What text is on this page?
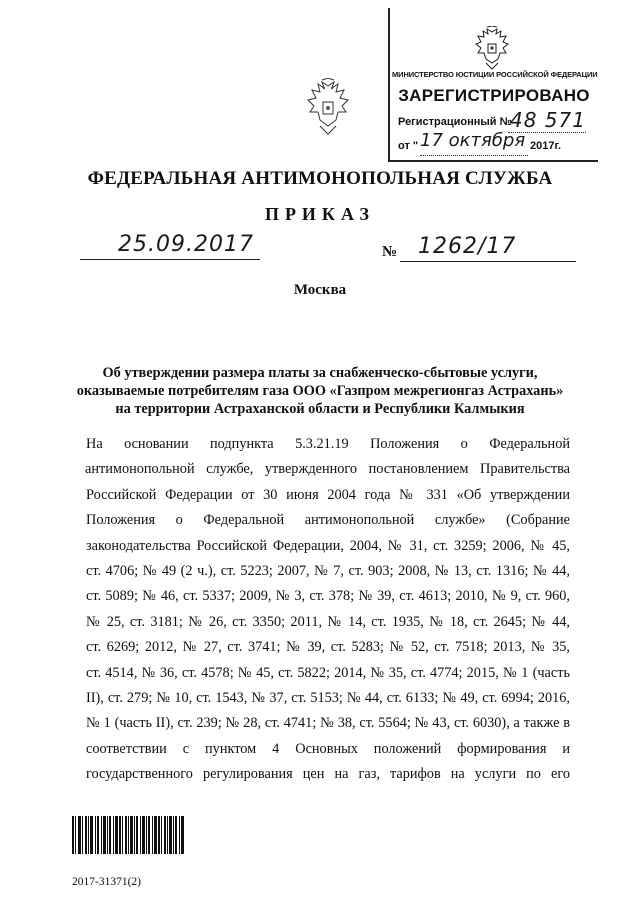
МИНИСТЕРСТВО ЮСТИЦИИ РОССИЙСКОЙ ФЕДЕРАЦИИ
ЗАРЕГИСТРИРОВАНО
Регистрационный №
48 571
от " 17 октября 2017г.
ФЕДЕРАЛЬНАЯ АНТИМОНОПОЛЬНАЯ СЛУЖБА
ПРИКАЗ
25.09.2017	№ 1262/17
Москва
Об утверждении размера платы за снабженческо-сбытовые услуги,
оказываемые потребителям газа ООО «Газпром межрегионгаз Астрахань»
на территории Астраханской области и Республики Калмыкия

На основании подпункта 5.3.21.19 Положения о Федеральной

антимонопольной службе, утвержденного постановлением Правительства

Российской Федерации от 30 июня 2004 года № 331 «Об утверждении

Положения о Федеральной антимонопольной службе» (Собрание

законодательства Российской Федерации, 2004, № 31, ст. 3259; 2006, № 45,

ст. 4706; № 49 (2 ч.), ст. 5223; 2007, № 7, ст. 903; 2008, № 13, ст. 1316; № 44,

ст. 5089; № 46, ст. 5337; 2009, № 3, ст. 378; № 39, ст. 4613; 2010, № 9, ст. 960,

№ 25, ст. 3181; № 26, ст. 3350; 2011, № 14, ст. 1935, № 18, ст. 2645; № 44,

ст. 6269; 2012, № 27, ст. 3741; № 39, ст. 5283; № 52, ст. 7518; 2013, № 35,

ст. 4514, № 36, ст. 4578; № 45, ст. 5822; 2014, № 35, ст. 4774; 2015, № 1 (часть

II), ст. 279; № 10, ст. 1543, № 37, ст. 5153; № 44, ст. 6133; № 49, ст. 6994; 2016,

№ 1 (часть II), ст. 239; № 28, ст. 4741; № 38, ст. 5564; № 43, ст. 6030), а также в

соответствии с пунктом 4 Основных положений формирования и

государственного регулирования цен на газ, тарифов на услуги по его

2017-31371(2)
